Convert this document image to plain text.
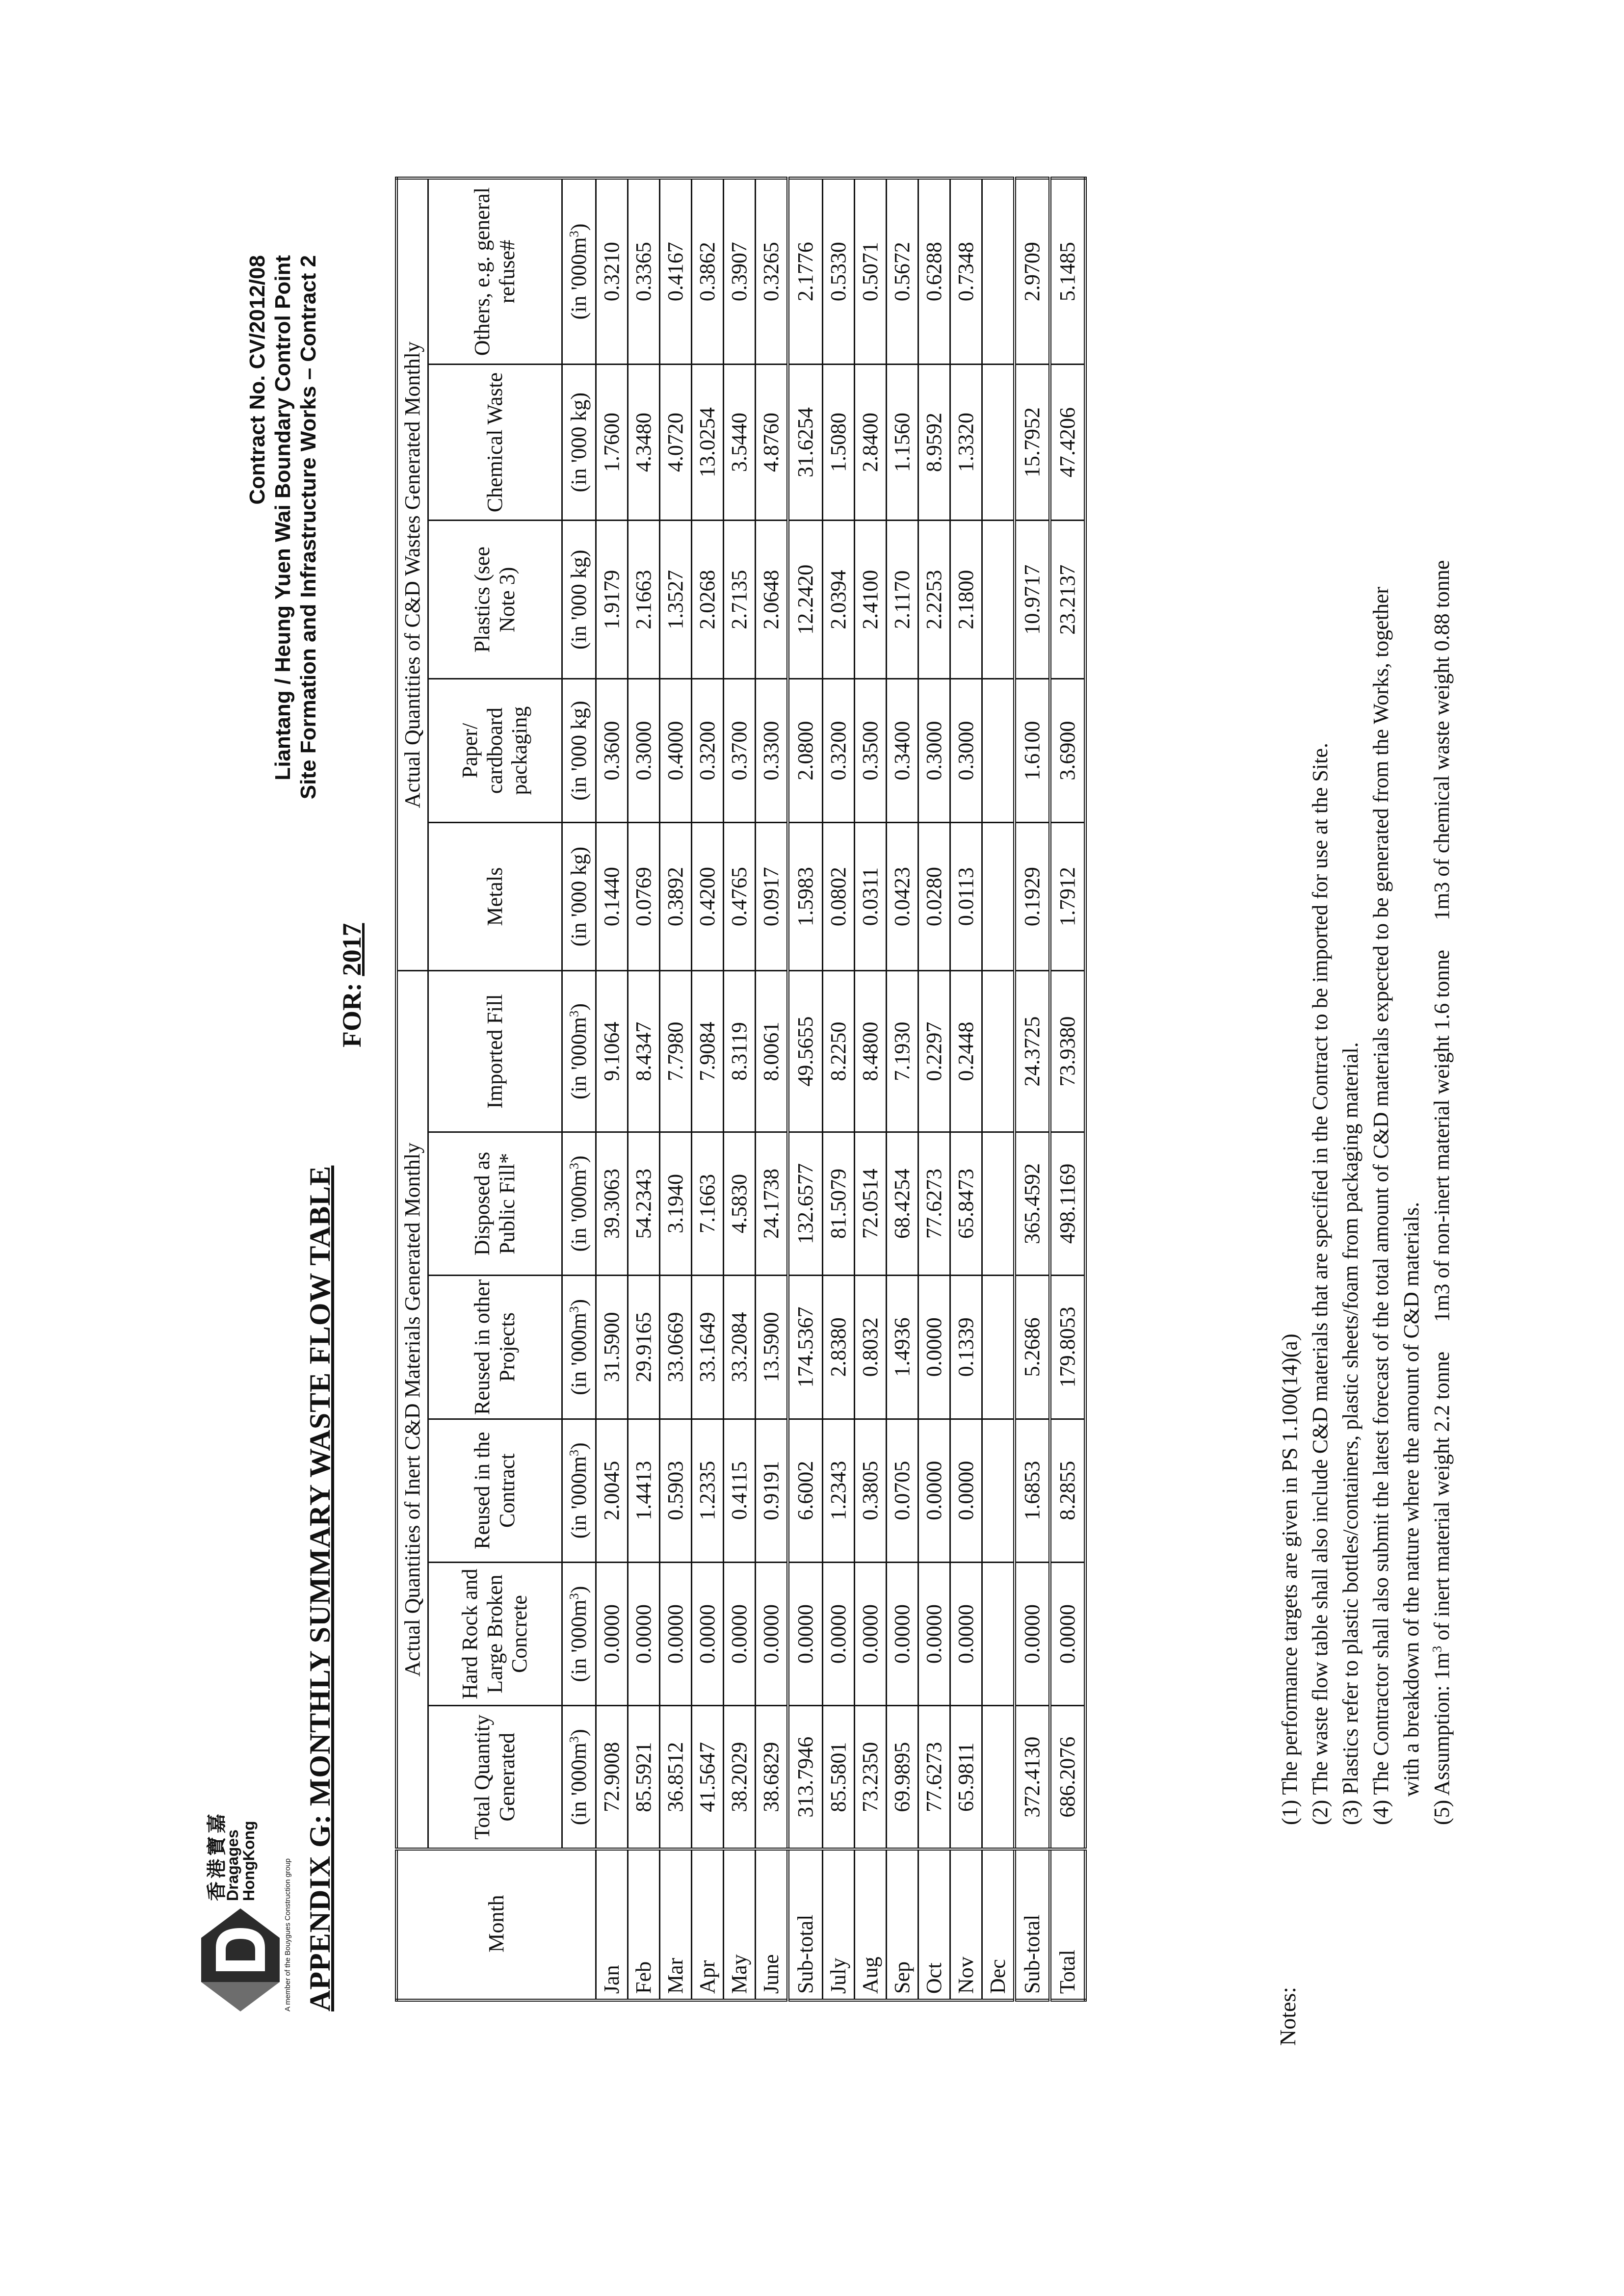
香港寶嘉
Dragages
HongKong	A member of the Bouygues Construction group APPENDIX G: MONTHLY SUMMARY WASTE FLOW TABLE
Contract No. CV/2012/08 Liantang / Heung Yuen Wai Boundary Control Point Site Formation and Infrastructure Works – Contract 2
FOR: 2017
Month	Actual Quantities of Inert C&D Materials Generated Monthly						Actual Quantities of C&D Wastes Generated Monthly				
	Total Quantity Generated	Hard Rock and Large Broken Concrete	Reused in the Contract	Reused in other Projects	Disposed as Public Fill*	Imported Fill	Metals	Paper/ cardboard packaging	Plastics (see Note 3)	Chemical Waste	Others, e.g. general refuse#
	(in '$000m^3$)	(in '$000m^3$)	(in '$000m^3$)	(in '$000m^3$)	(in '$000m^3$)	(in '$000m^3$)	(in '000 kg)	(in '000 kg)	(in '000 kg)	(in '000 kg)	(in '$000m^3$)
Jan	72.9008	0.0000	2.0045	31.5900	39.3063	9.1064	0.1440	0.3600	1.9179	1.7600	0.3210
Feb	85.5921	0.0000	1.4413	29.9165	54.2343	8.4347	0.0769	0.3000	2.1663	4.3480	0.3365
Mar	36.8512	0.0000	0.5903	33.0669	3.1940	7.7980	0.3892	0.4000	1.3527	4.0720	0.4167
Apr	41.5647	0.0000	1.2335	33.1649	7.1663	7.9084	0.4200	0.3200	2.0268	13.0254	0.3862
May	38.2029	0.0000	0.4115	33.2084	4.5830	8.3119	0.4765	0.3700	2.7135	3.5440	0.3907
June	38.6829	0.0000	0.9191	13.5900	24.1738	8.0061	0.0917	0.3300	2.0648	4.8760	0.3265
Sub-total	313.7946	0.0000	6.6002	174.5367	132.6577	49.5655	1.5983	2.0800	12.2420	31.6254	2.1776
July	85.5801	0.0000	1.2343	2.8380	81.5079	8.2250	0.0802	0.3200	2.0394	1.5080	0.5330
Aug	73.2350	0.0000	0.3805	0.8032	72.0514	8.4800	0.0311	0.3500	2.4100	2.8400	0.5071
Sep	69.9895	0.0000	0.0705	1.4936	68.4254	7.1930	0.0423	0.3400	2.1170	1.1560	0.5672
Oct	77.6273	0.0000	0.0000	0.0000	77.6273	0.2297	0.0280	0.3000	2.2253	8.9592	0.6288
Nov	65.9811	0.0000	0.0000	0.1339	65.8473	0.2448	0.0113	0.3000	2.1800	1.3320	0.7348
Dec											
Sub-total	372.4130	0.0000	1.6853	5.2686	365.4592	24.3725	0.1929	1.6100	10.9717	15.7952	2.9709
Total	686.2076	0.0000	8.2855	179.8053	498.1169	73.9380	1.7912	3.6900	23.2137	47.4206	5.1485
Notes:
(1) The performance targets are given in PS 1.100(14)(a) (2) The waste flow table shall also include C&D materials that are specified in the Contract to be imported for use at the Site. (3) Plastics refer to plastic bottles/containers, plastic sheets/foam from packaging material. (4) The Contractor shall also submit the latest forecast of the total amount of C&D materials expected to be generated from the Works, together with a breakdown of the nature where the amount of C&D materials. (5) Assumption: $1m^3$ of inert material weight 2.2 tonne1m3 of non-inert material weight 1.6 tonne1m3 of chemical waste weight 0.88 tonne
